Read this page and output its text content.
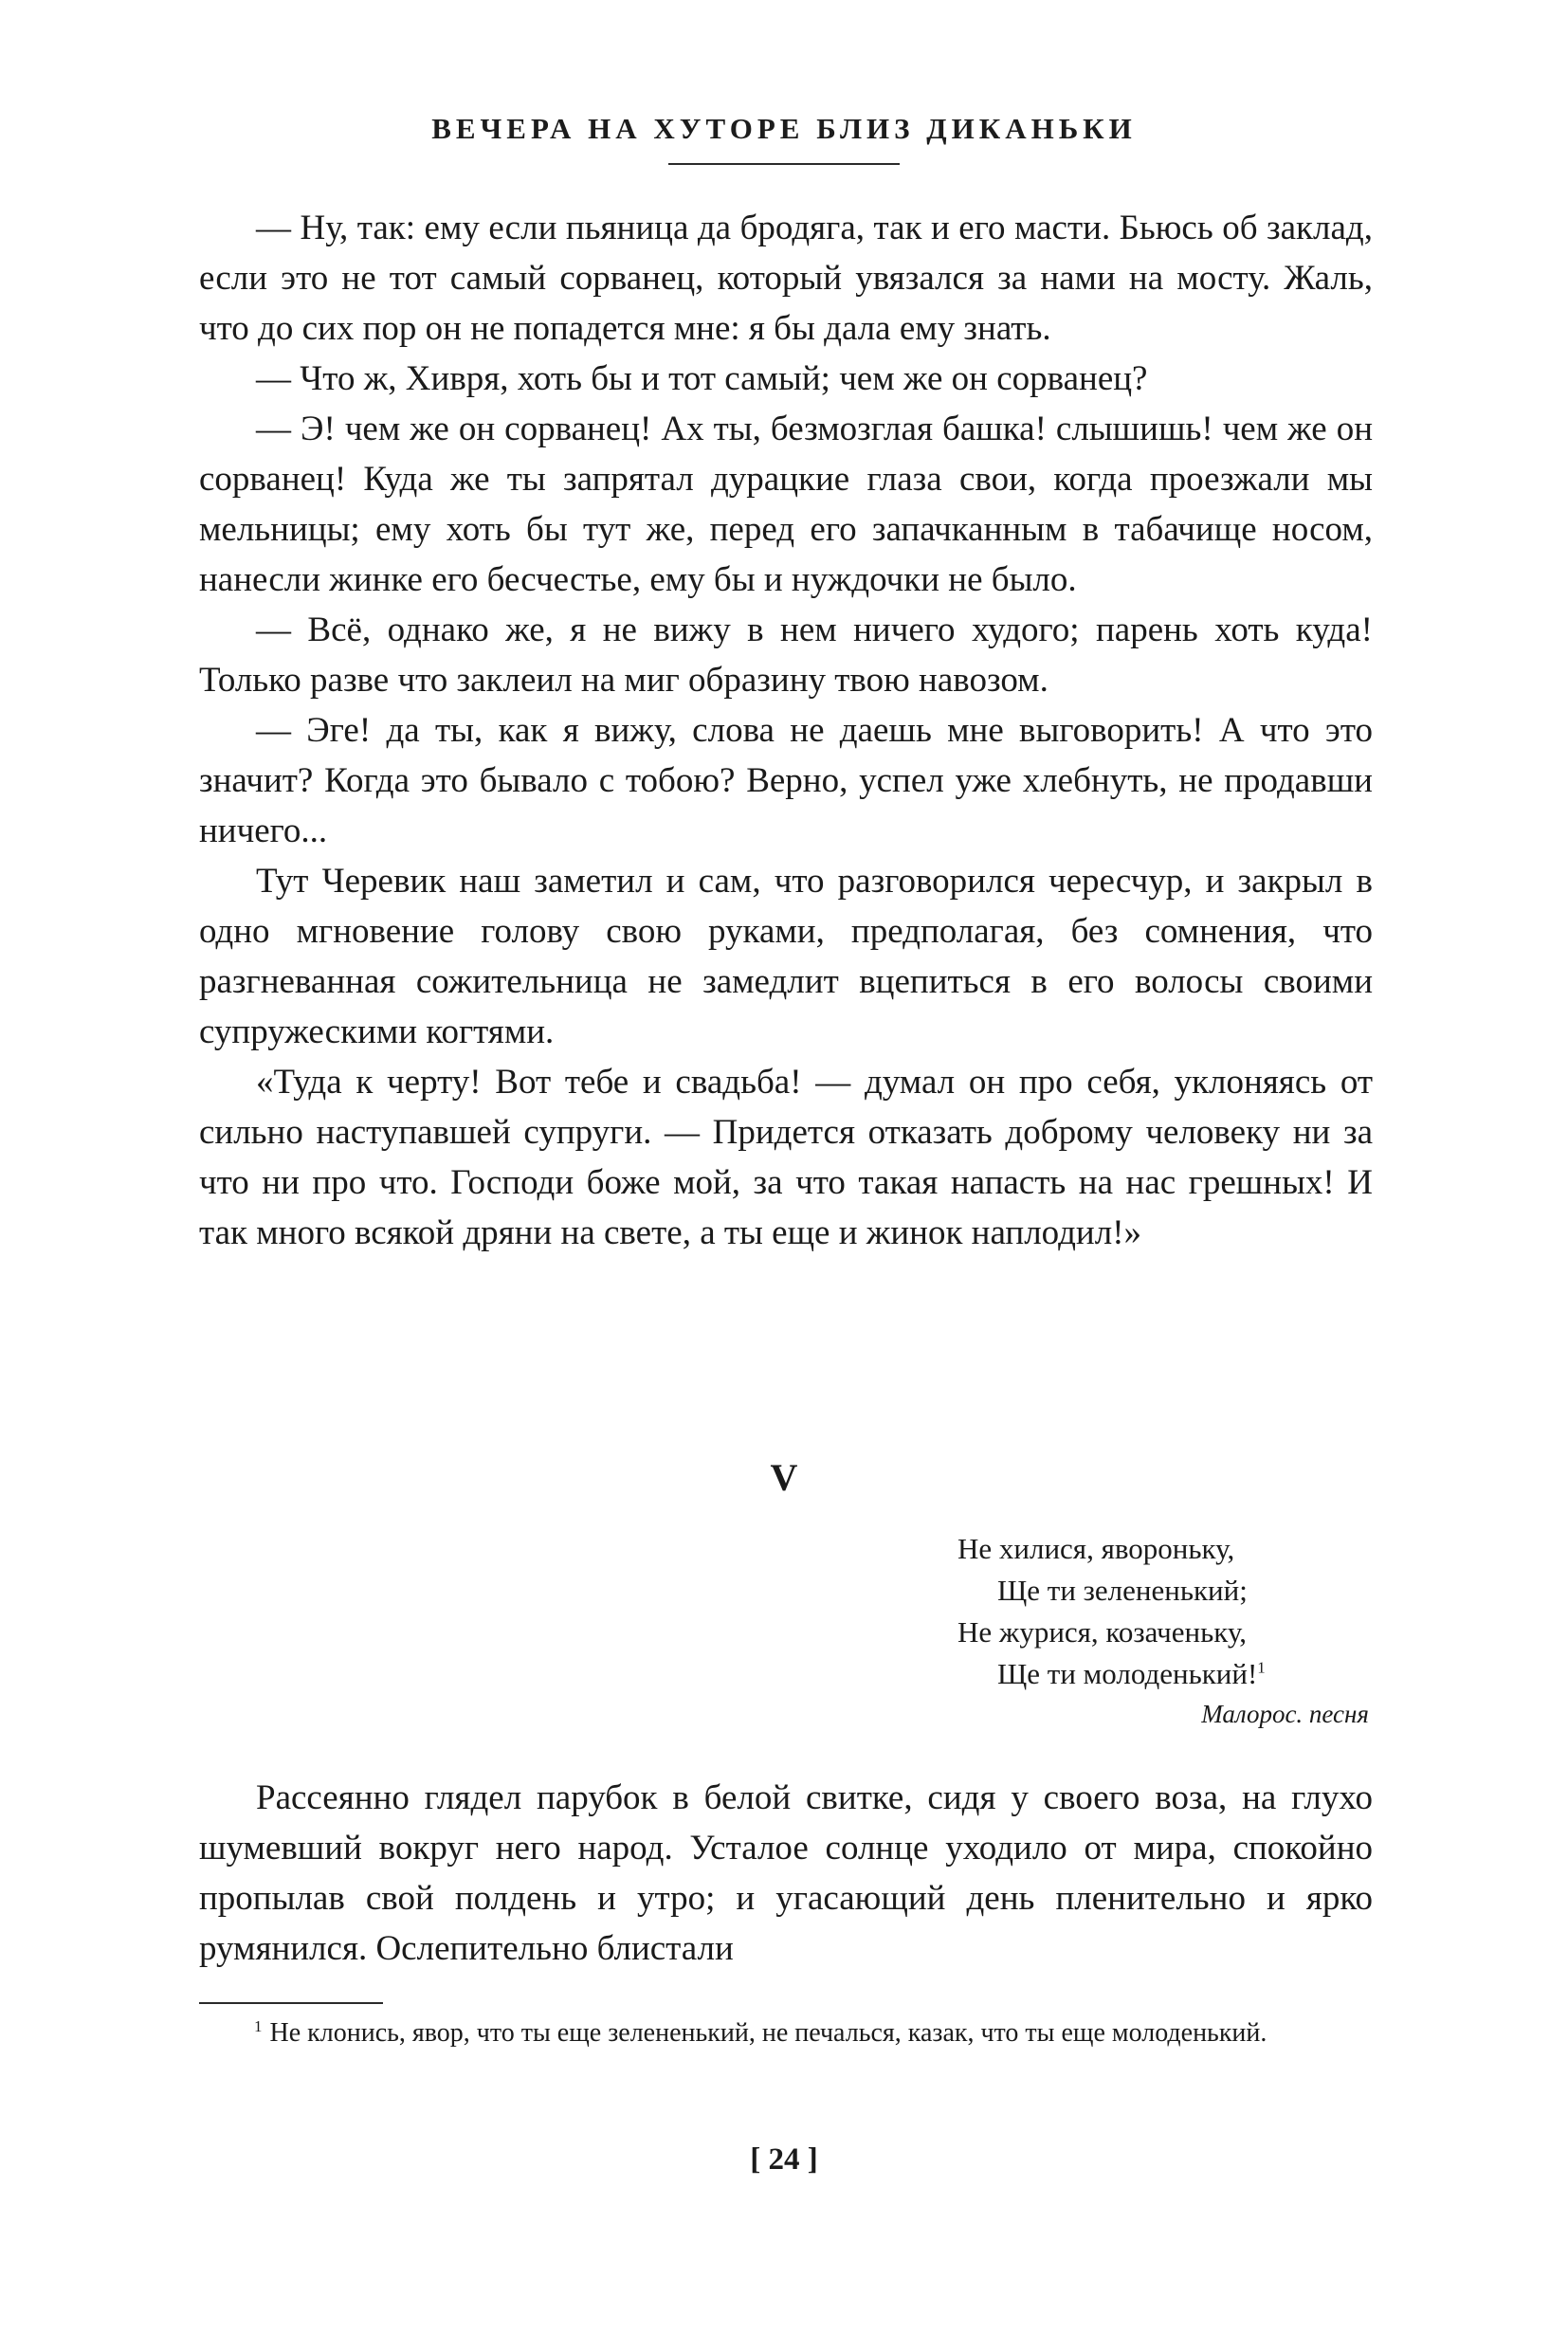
ВЕЧЕРА НА ХУТОРЕ БЛИЗ ДИКАНЬКИ

— Ну, так: ему если пьяница да бродяга, так и его масти. Бьюсь об заклад, если это не тот самый сорванец, который увязался за нами на мосту. Жаль, что до сих пор он не попадется мне: я бы дала ему знать.

— Что ж, Хивря, хоть бы и тот самый; чем же он сорванец?

— Э! чем же он сорванец! Ах ты, безмозглая башка! слышишь! чем же он сорванец! Куда же ты запрятал дурацкие глаза свои, когда проезжали мы мельницы; ему хоть бы тут же, перед его запачканным в табачище носом, нанесли жинке его бесчестье, ему бы и нуждочки не было.

— Всё, однако же, я не вижу в нем ничего худого; парень хоть куда! Только разве что заклеил на миг образину твою навозом.

— Эге! да ты, как я вижу, слова не даешь мне выговорить! А что это значит? Когда это бывало с тобою? Верно, успел уже хлебнуть, не продавши ничего...

Тут Черевик наш заметил и сам, что разговорился чересчур, и закрыл в одно мгновение голову свою руками, предполагая, без сомнения, что разгневанная сожительница не замедлит вцепиться в его волосы своими супружескими когтями.

«Туда к черту! Вот тебе и свадьба! — думал он про себя, уклоняясь от сильно наступавшей супруги. — Придется отказать доброму человеку ни за что ни про что. Господи боже мой, за что такая напасть на нас грешных! И так много всякой дряни на свете, а ты еще и жинок наплодил!»

V
Не хилися, явороньку,
Ще ти зелененький;
Не журися, козаченьку,
Ще ти молоденький!$^1$
Малорос. песня

Рассеянно глядел парубок в белой свитке, сидя у своего воза, на глухо шумевший вокруг него народ. Усталое солнце уходило от мира, спокойно пропылав свой полдень и утро; и угасающий день пленительно и ярко румянился. Ослепительно блистали

$^1$ Не клонись, явор, что ты еще зелененький, не печалься, казак, что ты еще молоденький.

[ 24 ]
